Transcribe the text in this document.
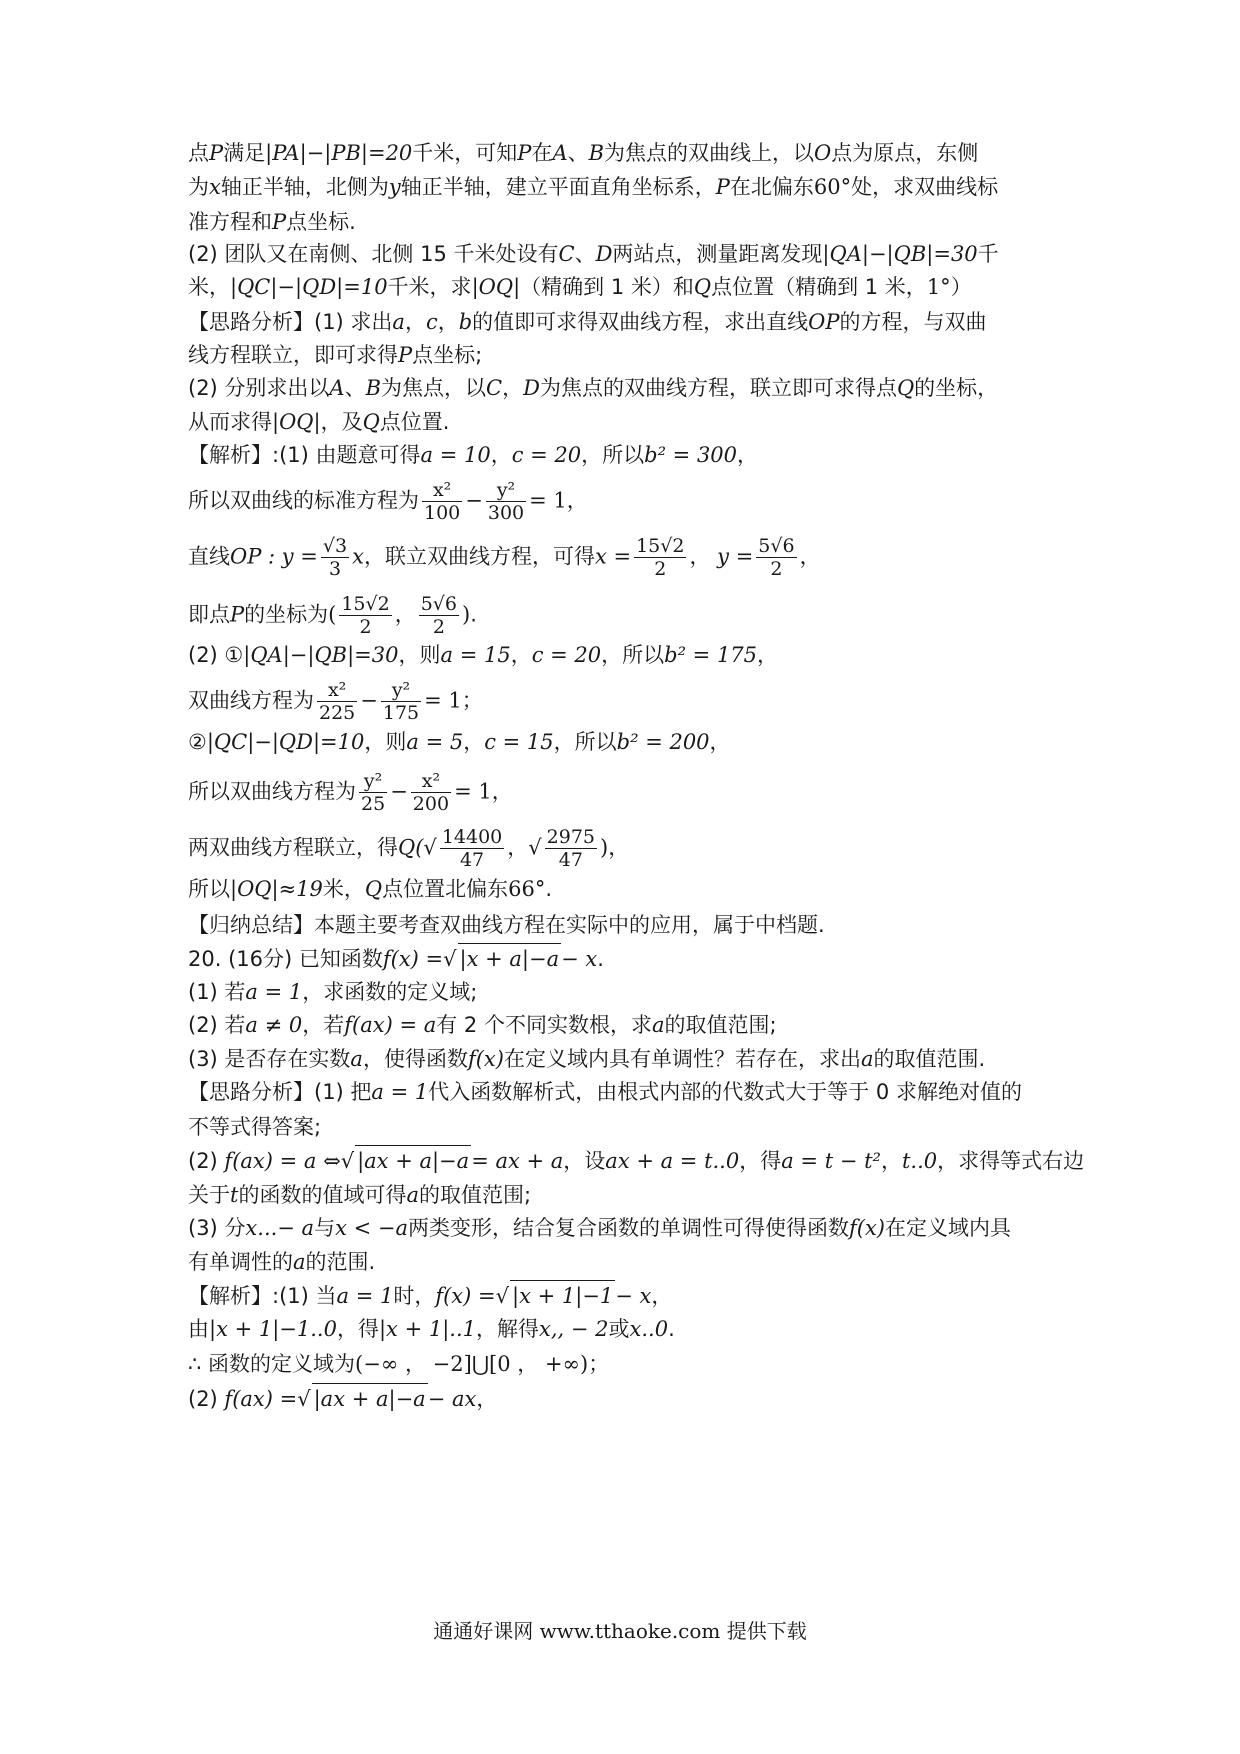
点P满足|PA|−|PB|=20千米，可知P在A、B为焦点的双曲线上，以O点为原点，东侧
为x轴正半轴，北侧为y轴正半轴，建立平面直角坐标系，P在北偏东60°处，求双曲线标
准方程和P点坐标.
(2) 团队又在南侧、北侧 15 千米处设有C、D两站点，测量距离发现|QA|−|QB|=30千
米，|QC|−|QD|=10千米，求|OQ|（精确到 1 米）和Q点位置（精确到 1 米，1°）
【思路分析】(1) 求出a，c，b的值即可求得双曲线方程，求出直线OP的方程，与双曲
线方程联立，即可求得P点坐标;
(2) 分别求出以A、B为焦点，以C，D为焦点的双曲线方程，联立即可求得点Q的坐标，
从而求得|OQ|，及Q点位置.
【解析】:(1) 由题意可得a = 10，c = 20，所以b² = 300，
所以双曲线的标准方程为 $\frac{\text{x²}}{100} - \frac{\text{y²}}{300} = 1$，
直线OP : $y = \frac{√3}{3}$ x，联立双曲线方程，可得$x = \frac{15√2}{2}$ ， $y = \frac{5√6}{2}$ ，
即点P的坐标为( $\frac{15√2}{2}$ ， $\frac{5√6}{2}$ ).
(2) ①|QA|−|QB|=30，则a = 15，c = 20，所以b² = 175，
双曲线方程为 $\frac{\text{x²}}{225} - \frac{\text{y²}}{175} = 1$；
②|QC|−|QD|=10，则a = 5，c = 15，所以b² = 200，
所以双曲线方程为 $\frac{\text{y²}}{25} - \frac{\text{x²}}{200} = 1$，
两双曲线方程联立，得$Q(√ \frac{14400}{47}$ ，√ $\frac{2975}{47}$ )，
所以|OQ|≈19米，Q点位置北偏东66°.
【归纳总结】本题主要考查双曲线方程在实际中的应用，属于中档题.
20. (16分) 已知函数f(x) =√ |x + a|−a− x.
(1) 若a = 1，求函数的定义域;
(2) 若a ≠ 0，若f(ax) = a有 2 个不同实数根，求a的取值范围;
(3) 是否存在实数a，使得函数f(x)在定义域内具有单调性？若存在，求出a的取值范围.
【思路分析】(1) 把a = 1代入函数解析式，由根式内部的代数式大于等于 0 求解绝对值的
不等式得答案;
(2) f(ax) = a ⇔√ |ax + a|−a= ax + a，设ax + a = t..0，得a = t − t²，t..0，求得等式右边
关于t的函数的值域可得a的取值范围;
(3) 分x...− a与x < −a两类变形，结合复合函数的单调性可得使得函数f(x)在定义域内具
有单调性的a的范围.
【解析】:(1) 当a = 1时，f(x) =√ |x + 1|−1− x，
由|x + 1|−1..0，得|x + 1|..1，解得x,, − 2或x..0.
∴ 函数的定义域为(−∞ ， −2]⋃[0 ， +∞)；
(2) f(ax) =√ |ax + a|−a− ax，
通通好课网 www.tthaoke.com 提供下载
